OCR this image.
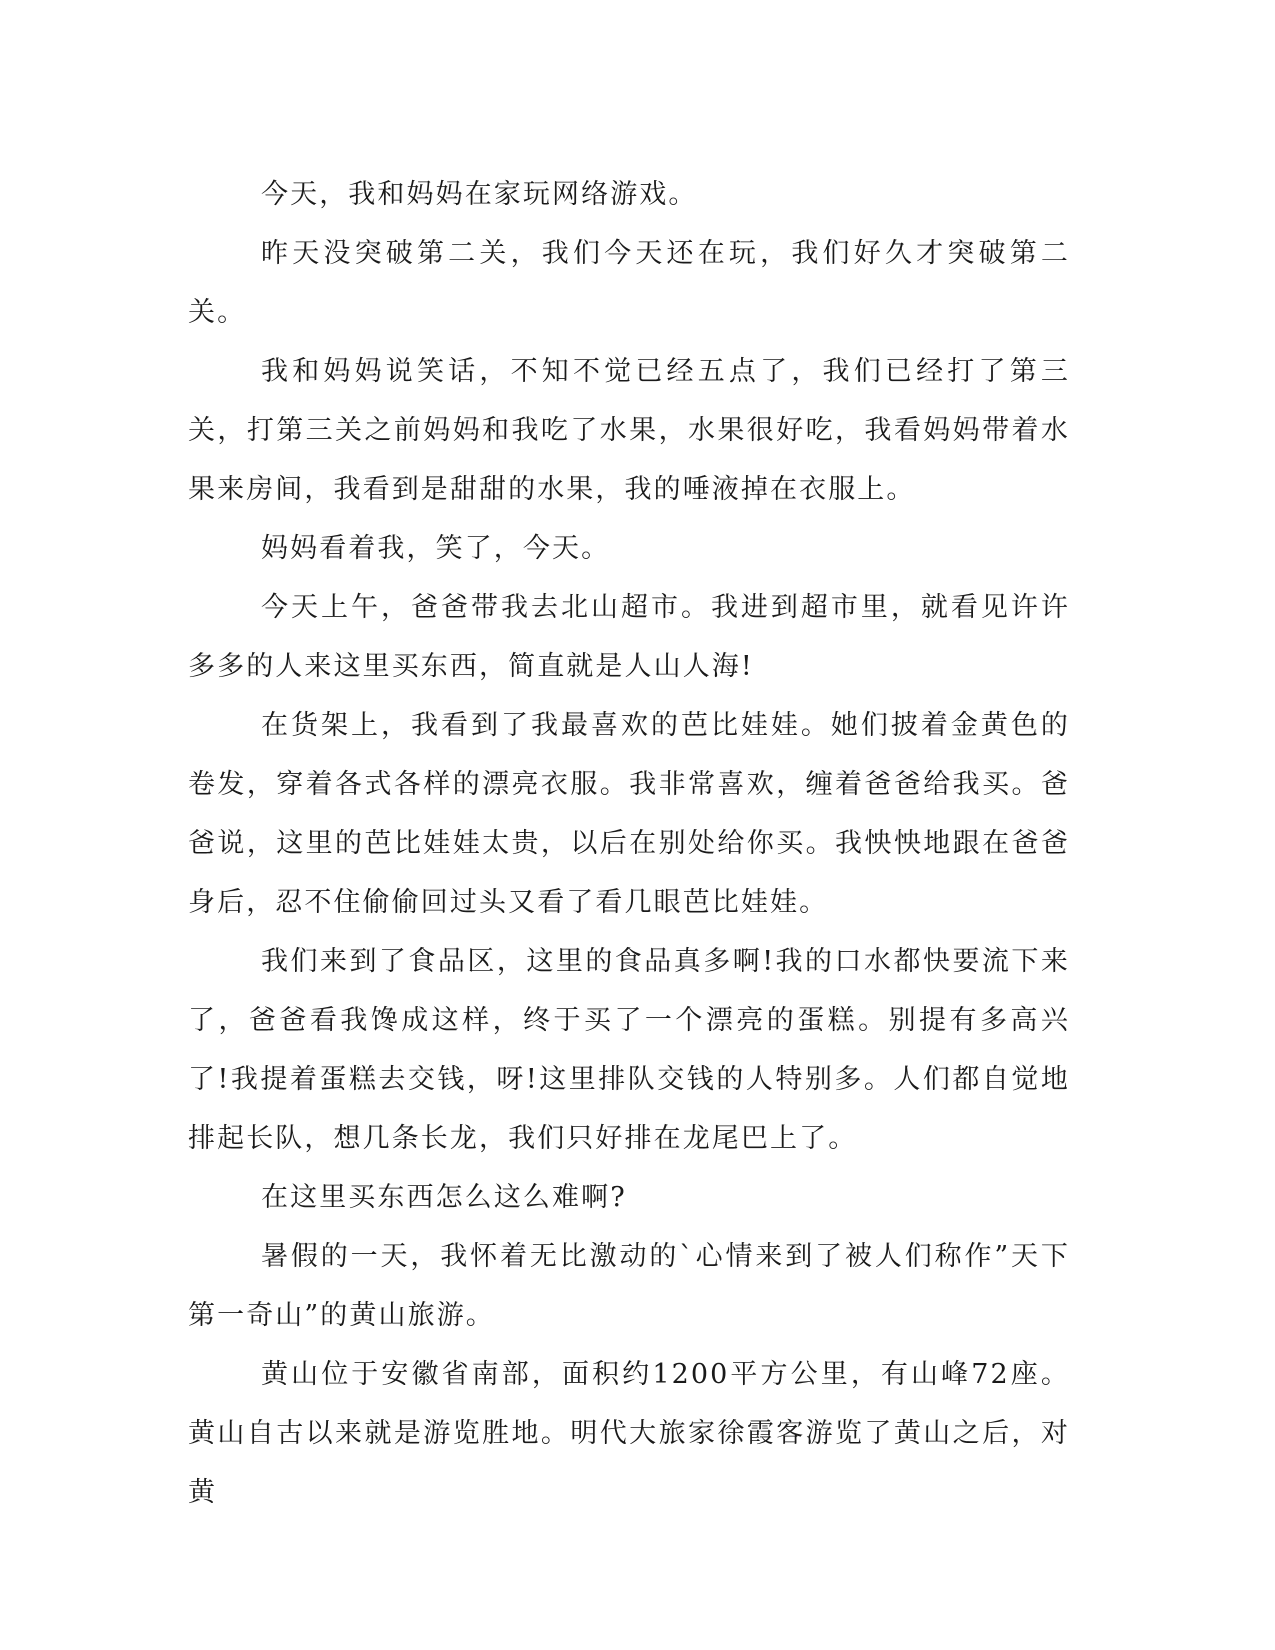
今天，我和妈妈在家玩网络游戏。

昨天没突破第二关，我们今天还在玩，我们好久才突破第二关。

我和妈妈说笑话，不知不觉已经五点了，我们已经打了第三关，打第三关之前妈妈和我吃了水果，水果很好吃，我看妈妈带着水果来房间，我看到是甜甜的水果，我的唾液掉在衣服上。

妈妈看着我，笑了，今天。

今天上午，爸爸带我去北山超市。我进到超市里，就看见许许多多的人来这里买东西，简直就是人山人海!

在货架上，我看到了我最喜欢的芭比娃娃。她们披着金黄色的卷发，穿着各式各样的漂亮衣服。我非常喜欢，缠着爸爸给我买。爸爸说，这里的芭比娃娃太贵，以后在别处给你买。我怏怏地跟在爸爸身后，忍不住偷偷回过头又看了看几眼芭比娃娃。

我们来到了食品区，这里的食品真多啊!我的口水都快要流下来了，爸爸看我馋成这样，终于买了一个漂亮的蛋糕。别提有多高兴了!我提着蛋糕去交钱，呀!这里排队交钱的人特别多。人们都自觉地排起长队，想几条长龙，我们只好排在龙尾巴上了。

在这里买东西怎么这么难啊?

暑假的一天，我怀着无比激动的`心情来到了被人们称作”天下第一奇山”的黄山旅游。

黄山位于安徽省南部，面积约1200平方公里，有山峰72座。黄山自古以来就是游览胜地。明代大旅家徐霞客游览了黄山之后，对黄
